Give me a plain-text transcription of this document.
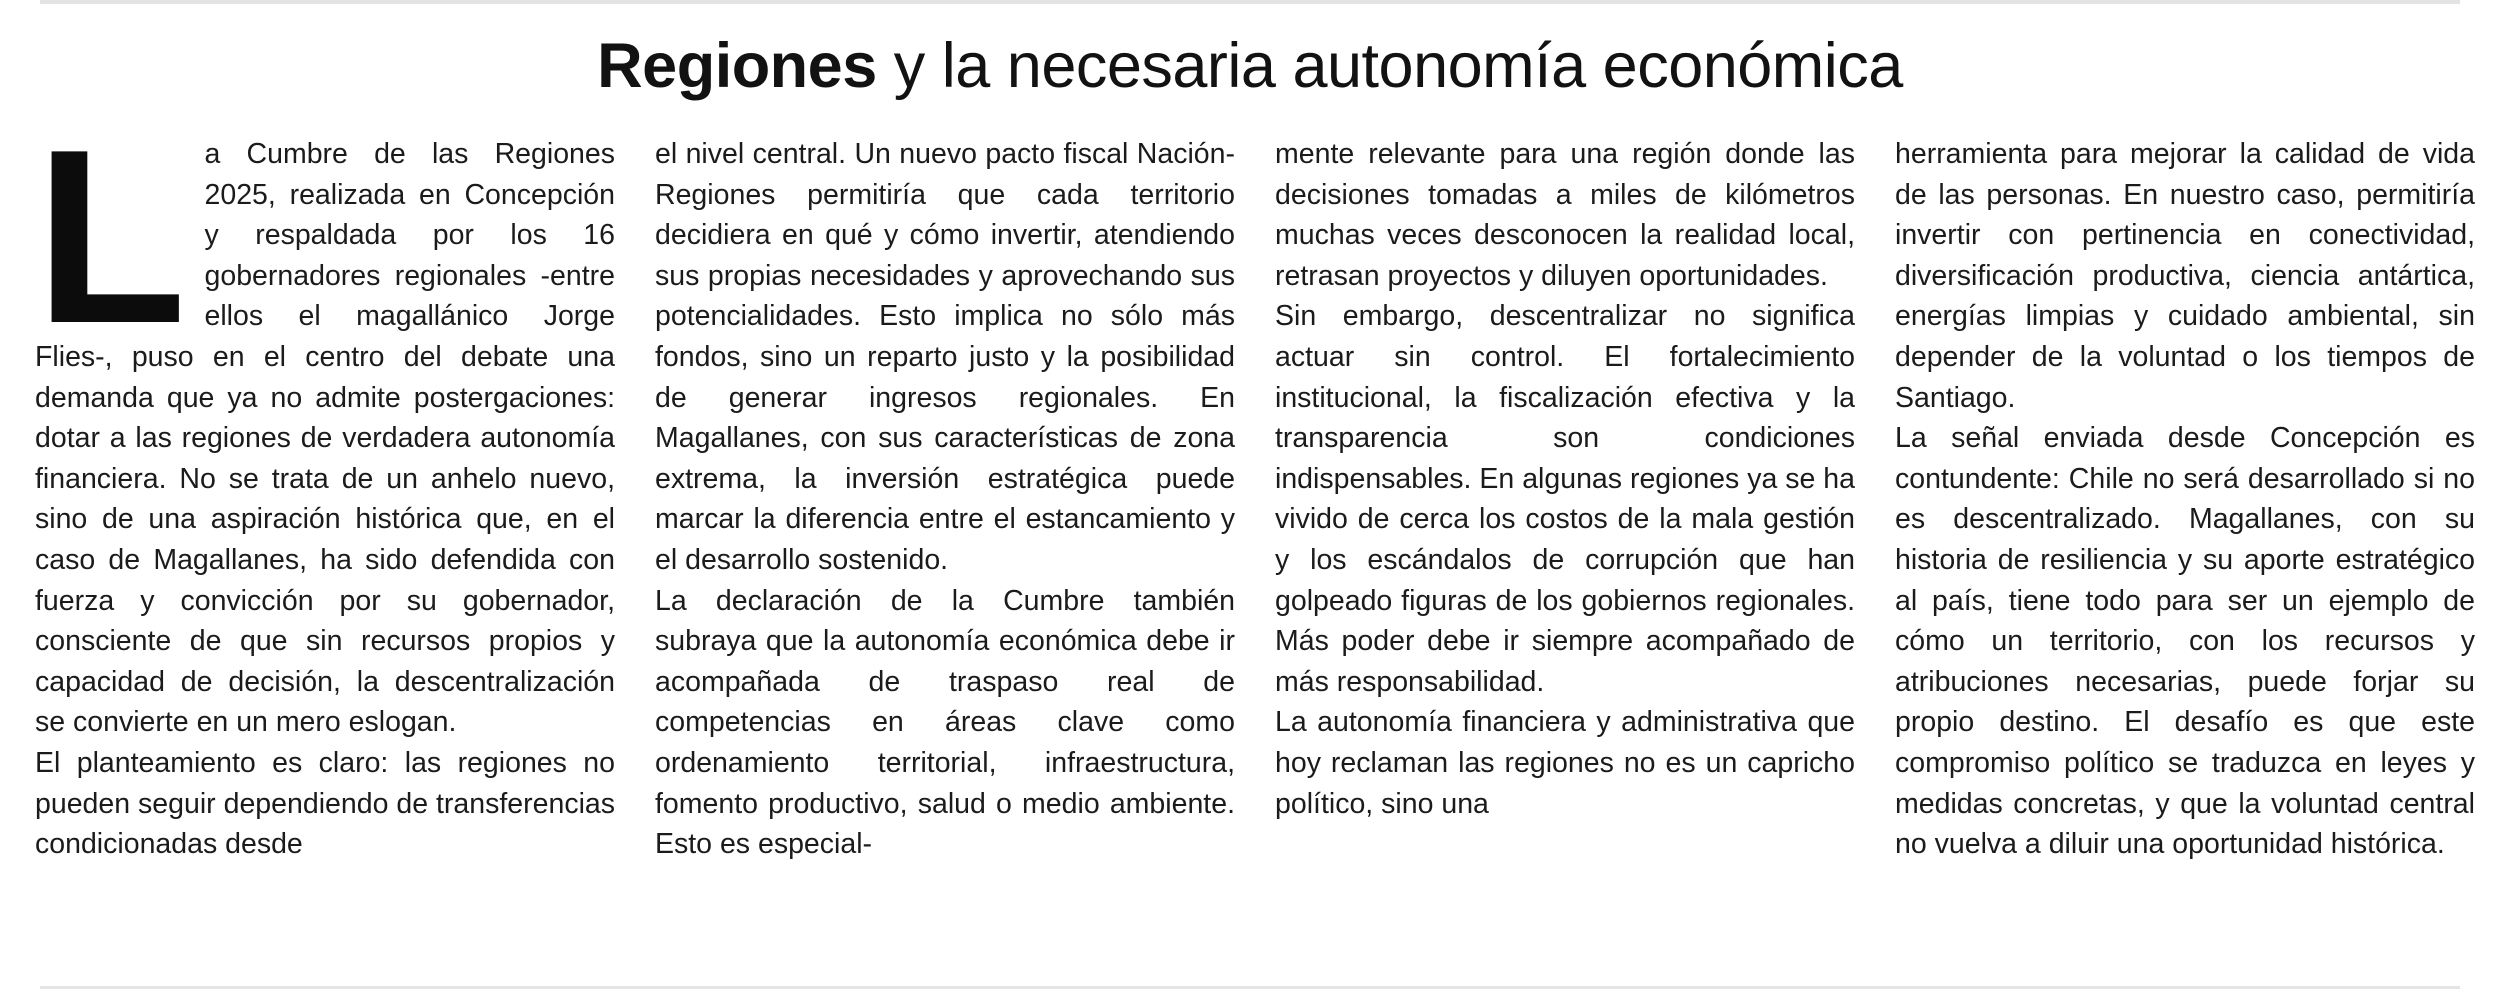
Regiones y la necesaria autonomía económica

La Cumbre de las Regiones 2025, realizada en Concepción y respaldada por los 16 gobernadores regionales -entre ellos el magallánico Jorge Flies-, puso en el centro del debate una demanda que ya no admite postergaciones: dotar a las regiones de verdadera autonomía financiera. No se trata de un anhelo nuevo, sino de una aspiración histórica que, en el caso de Magallanes, ha sido defendida con fuerza y convicción por su gobernador, consciente de que sin recursos propios y capacidad de decisión, la descentralización se convierte en un mero eslogan.

El planteamiento es claro: las regiones no pueden seguir dependiendo de transferencias condicionadas desde

el nivel central. Un nuevo pacto fiscal Nación-Regiones permitiría que cada territorio decidiera en qué y cómo invertir, atendiendo sus propias necesidades y aprovechando sus potencialidades. Esto implica no sólo más fondos, sino un reparto justo y la posibilidad de generar ingresos regionales. En Magallanes, con sus características de zona extrema, la inversión estratégica puede marcar la diferencia entre el estancamiento y el desarrollo sostenido.

La declaración de la Cumbre también subraya que la autonomía económica debe ir acompañada de traspaso real de competencias en áreas clave como ordenamiento territorial, infraestructura, fomento productivo, salud o medio ambiente. Esto es especial-

mente relevante para una región donde las decisiones tomadas a miles de kilómetros muchas veces desconocen la realidad local, retrasan proyectos y diluyen oportunidades.

Sin embargo, descentralizar no significa actuar sin control. El fortalecimiento institucional, la fiscalización efectiva y la transparencia son condiciones indispensables. En algunas regiones ya se ha vivido de cerca los costos de la mala gestión y los escándalos de corrupción que han golpeado figuras de los gobiernos regionales. Más poder debe ir siempre acompañado de más responsabilidad.

La autonomía financiera y administrativa que hoy reclaman las regiones no es un capricho político, sino una

herramienta para mejorar la calidad de vida de las personas. En nuestro caso, permitiría invertir con pertinencia en conectividad, diversificación productiva, ciencia antártica, energías limpias y cuidado ambiental, sin depender de la voluntad o los tiempos de Santiago.

La señal enviada desde Concepción es contundente: Chile no será desarrollado si no es descentralizado. Magallanes, con su historia de resiliencia y su aporte estratégico al país, tiene todo para ser un ejemplo de cómo un territorio, con los recursos y atribuciones necesarias, puede forjar su propio destino. El desafío es que este compromiso político se traduzca en leyes y medidas concretas, y que la voluntad central no vuelva a diluir una oportunidad histórica.
